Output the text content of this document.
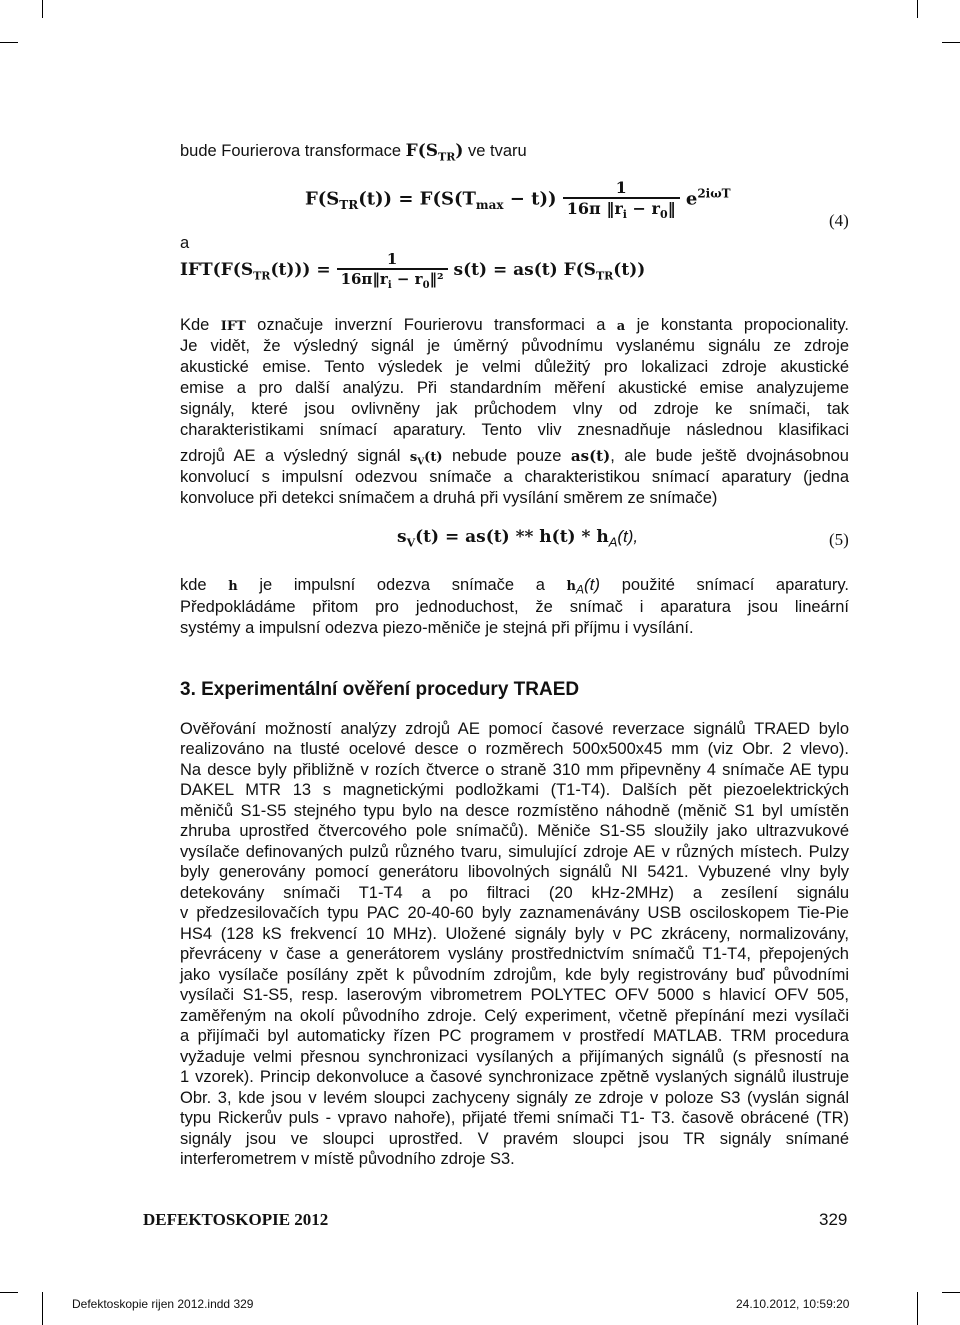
bude Fourierova transformace $F(S_{TR})$ ve tvaru
$F(S_{TR}(t)) = F(S(T_{max} - t)) \frac{1}{16\pi ‖r_i - r_0‖} e^{2i\omega T}$
(4)
a
$IFT(F(S_{TR}(t))) = \frac{1}{16\pi‖r_i - r_0‖^2} s(t) = as(t)$ $F(S_{TR}(t))$
Kde IFT označuje inverzní Fourierovu transformaci a a je konstanta propocionality.
Je vidět, že výsledný signál je úměrný původnímu vyslanému signálu ze zdroje
akustické emise. Tento výsledek je velmi důležitý pro lokalizaci zdroje akustické
emise a pro další analýzu. Při standardním měření akustické emise analyzujeme
signály, které jsou ovlivněny jak průchodem vlny od zdroje ke snímači, tak
charakteristikami snímací aparatury. Tento vliv znesnadňuje následnou klasifikaci
zdrojů AE a výsledný signál $s_V(t)$ nebude pouze as(t), ale bude ještě dvojnásobnou
konvolucí s impulsní odezvou snímače a charakteristikou snímací aparatury (jedna
konvoluce při detekci snímačem a druhá při vysílání směrem ze snímače)
$s_V(t) = as(t) ** h(t) * h_A(t)$,	(5)
kde h je impulsní odezva snímače a $h_A(t)$ použité snímací aparatury.
Předpokládáme přitom pro jednoduchost, že snímač i aparatura jsou lineární
systémy a impulsní odezva piezo-měniče je stejná při příjmu i vysílání.
3. Experimentální ověření procedury TRAED
Ověřování možností analýzy zdrojů AE pomocí časové reverzace signálů TRAED bylo
realizováno na tlusté ocelové desce o rozměrech 500x500x45 mm (viz Obr. 2 vlevo).
Na desce byly přibližně v rozích čtverce o straně 310 mm připevněny 4 snímače AE typu
DAKEL MTR 13 s magnetickými podložkami (T1-T4). Dalších pět piezoelektrických
měničů S1-S5 stejného typu bylo na desce rozmístěno náhodně (měnič S1 byl umístěn
zhruba uprostřed čtvercového pole snímačů). Měniče S1-S5 sloužily jako ultrazvukové
vysílače definovaných pulzů různého tvaru, simulující zdroje AE v různých místech. Pulzy
byly generovány pomocí generátoru libovolných signálů NI 5421. Vybuzené vlny byly
detekovány snímači T1-T4 a po filtraci (20 kHz-2MHz) a zesílení signálu
v předzesilovačích typu PAC 20-40-60 byly zaznamenávány USB osciloskopem Tie-Pie
HS4 (128 kS frekvencí 10 MHz). Uložené signály byly v PC zkráceny, normalizovány,
převráceny v čase a generátorem vyslány prostřednictvím snímačů T1-T4, přepojených
jako vysílače posílány zpět k původním zdrojům, kde byly registrovány buď původními
vysílači S1-S5, resp. laserovým vibrometrem POLYTEC OFV 5000 s hlavicí OFV 505,
zaměřeným na okolí původního zdroje. Celý experiment, včetně přepínání mezi vysílači
a přijímači byl automaticky řízen PC programem v prostředí MATLAB. TRM procedura
vyžaduje velmi přesnou synchronizaci vysílaných a přijímaných signálů (s přesností na
1 vzorek). Princip dekonvoluce a časové synchronizace zpětně vyslaných signálů ilustruje
Obr. 3, kde jsou v levém sloupci zachyceny signály ze zdroje v poloze S3 (vyslán signál
typu Rickerův puls - vpravo nahoře), přijaté třemi snímači T1- T3. časově obrácené (TR)
signály jsou ve sloupci uprostřed. V pravém sloupci jsou TR signály snímané
interferometrem v místě původního zdroje S3.
DEFEKTOSKOPIE 2012	329
Defektoskopie rijen 2012.indd 329	24.10.2012, 10:59:20
